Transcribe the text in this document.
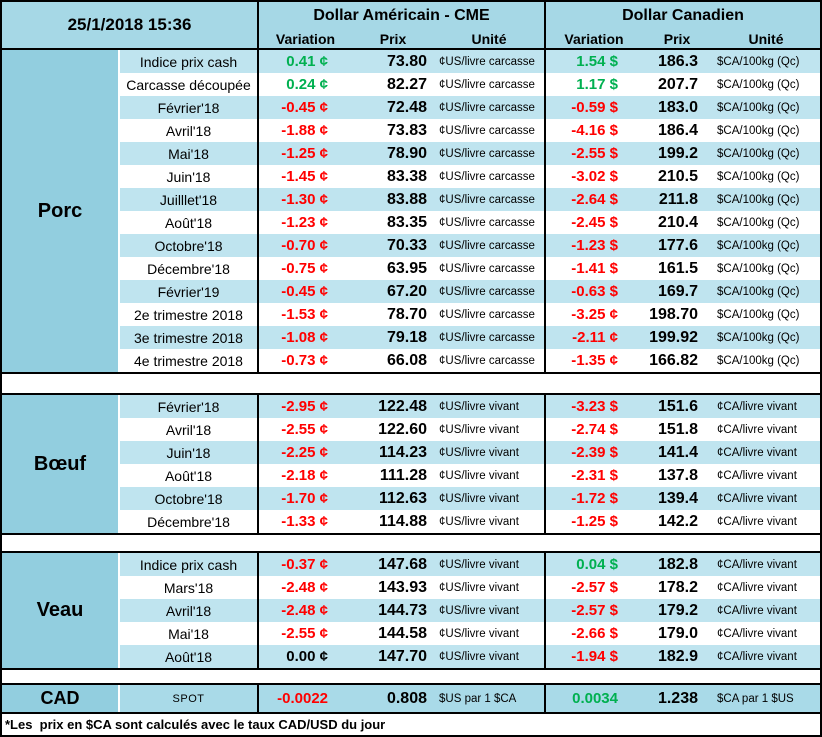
25/1/2018 15:36	Dollar Américain - CME	Dollar Canadien
Variation	Prix	Unité	Variation	Prix	Unité
Porc
Indice prix cash	0.41 ¢	73.80	¢US/livre carcasse	1.54 $	186.3	$CA/100kg (Qc)
Carcasse découpée	0.24 ¢	82.27	¢US/livre carcasse	1.17 $	207.7	$CA/100kg (Qc)
Février'18	-0.45 ¢	72.48	¢US/livre carcasse	-0.59 $	183.0	$CA/100kg (Qc)
Avril'18	-1.88 ¢	73.83	¢US/livre carcasse	-4.16 $	186.4	$CA/100kg (Qc)
Mai'18	-1.25 ¢	78.90	¢US/livre carcasse	-2.55 $	199.2	$CA/100kg (Qc)
Juin'18	-1.45 ¢	83.38	¢US/livre carcasse	-3.02 $	210.5	$CA/100kg (Qc)
Juilllet'18	-1.30 ¢	83.88	¢US/livre carcasse	-2.64 $	211.8	$CA/100kg (Qc)
Août'18	-1.23 ¢	83.35	¢US/livre carcasse	-2.45 $	210.4	$CA/100kg (Qc)
Octobre'18	-0.70 ¢	70.33	¢US/livre carcasse	-1.23 $	177.6	$CA/100kg (Qc)
Décembre'18	-0.75 ¢	63.95	¢US/livre carcasse	-1.41 $	161.5	$CA/100kg (Qc)
Février'19	-0.45 ¢	67.20	¢US/livre carcasse	-0.63 $	169.7	$CA/100kg (Qc)
2e trimestre 2018	-1.53 ¢	78.70	¢US/livre carcasse	-3.25 ¢	198.70	$CA/100kg (Qc)
3e trimestre 2018	-1.08 ¢	79.18	¢US/livre carcasse	-2.11 ¢	199.92	$CA/100kg (Qc)
4e trimestre 2018	-0.73 ¢	66.08	¢US/livre carcasse	-1.35 ¢	166.82	$CA/100kg (Qc)
Bœuf
Février'18	-2.95 ¢	122.48	¢US/livre vivant	-3.23 $	151.6	¢CA/livre vivant
Avril'18	-2.55 ¢	122.60	¢US/livre vivant	-2.74 $	151.8	¢CA/livre vivant
Juin'18	-2.25 ¢	114.23	¢US/livre vivant	-2.39 $	141.4	¢CA/livre vivant
Août'18	-2.18 ¢	111.28	¢US/livre vivant	-2.31 $	137.8	¢CA/livre vivant
Octobre'18	-1.70 ¢	112.63	¢US/livre vivant	-1.72 $	139.4	¢CA/livre vivant
Décembre'18	-1.33 ¢	114.88	¢US/livre vivant	-1.25 $	142.2	¢CA/livre vivant
Veau
Indice prix cash	-0.37 ¢	147.68	¢US/livre vivant	0.04 $	182.8	¢CA/livre vivant
Mars'18	-2.48 ¢	143.93	¢US/livre vivant	-2.57 $	178.2	¢CA/livre vivant
Avril'18	-2.48 ¢	144.73	¢US/livre vivant	-2.57 $	179.2	¢CA/livre vivant
Mai'18	-2.55 ¢	144.58	¢US/livre vivant	-2.66 $	179.0	¢CA/livre vivant
Août'18	0.00 ¢	147.70	¢US/livre vivant	-1.94 $	182.9	¢CA/livre vivant
CAD	SPOT	-0.0022	0.808	$US par 1 $CA	0.0034	1.238	$CA par 1 $US
*Les  prix en $CA sont calculés avec le taux CAD/USD du jour
